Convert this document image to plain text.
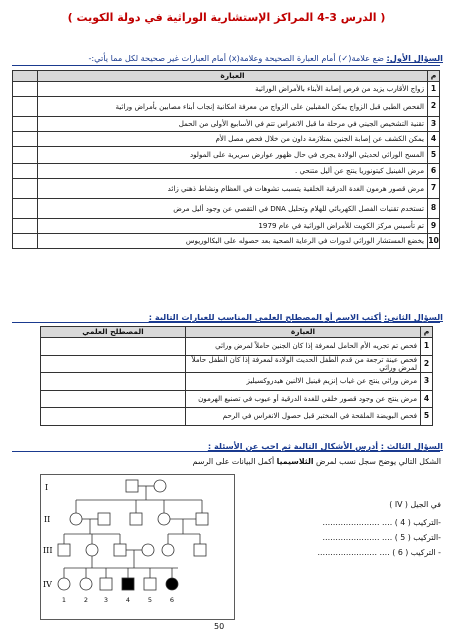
( الدرس 3-4 المراكز الإستشارية الوراثية في دولة الكويت )
السؤال الأول: ضع علامة(✓) أمام العبارة الصحيحة وعلامة(x) أمام العبارات غير صحيحة لكل مما يأتي:-
م	العبارة	
1	زواج الأقارب يزيد من فرص إصابة الأبناء بالأمراض الوراثية	
2	الفحص الطبي قبل الزواج يمكن المقبلين على الزواج من معرفة امكانية إنجاب أبناء مصابين بأمراض وراثية	
3	تقنية التشخيص الجيني في مرحلة ما قبل الانغراس تتم في الأسابيع الأولى من الحمل	
4	يمكن الكشف عن إصابة الجنين بمتلازمة داون من خلال فحص مصل الأم	
5	المسح الوراثي لحديثي الولادة يجرى في حال ظهور عوارض سريرية على المولود	
6	مرض الفينيل كيتونوريا ينتج عن أليل متنحي .	
7	مرض قصور هرمون الغدة الدرقية الخلقية يتسبب تشوهات في العظام ونشاط ذهني زائد	
8	تستخدم تقنيات الفصل الكهربائي للهلام وتحليل DNA في التقصي عن وجود أليل مرض	
9	تم تأسيس مركز الكويت للأمراض الوراثية في عام 1979	
10	يخضع المستشار الوراثي لدورات في الرعاية الصحية بعد حصوله على البكالوريوس	
السؤال الثاني: أكتب الاسم أو المصطلح العلمي المناسب للعبارات التالية :
م	العبارة	المصطلح العلمي
1	فحص تم تجريه الأم الحامل لمعرفة إذا كان الجنين حاملاً لمرض وراثي	
2	فحص عينة ترجعة من قدم الطفل الحديث الولادة لمعرفة إذا كان الطفل حاملاً لمرض وراثي	
3	مرض وراثي ينتج عن غياب إنزيم فينيل الالنين هيدروكسيليز	
4	مرض ينتج عن وجود قصور خلقي للغدة الدرقية أو عيوب في تصنيع الهرمون	
5	فحص البويضة الملقحة في المختبر قبل حصول الانغراس في الرحم	
السؤال الثالث : أدرس الأشكال التالية ثم اجب عن الأسئلة :
الشكل التالي يوضح سجل نسب لمرض الثلاسيميا أكمل البيانات على الرسم
في الجيل ( IV )
-التركيب ( 4 ) …. ………………….
-التركيب ( 5 ) …. ………………….
- التركيب ( 6 ) …. …………………..
I
II
III
IV
1	2 3	4	5	6
50
